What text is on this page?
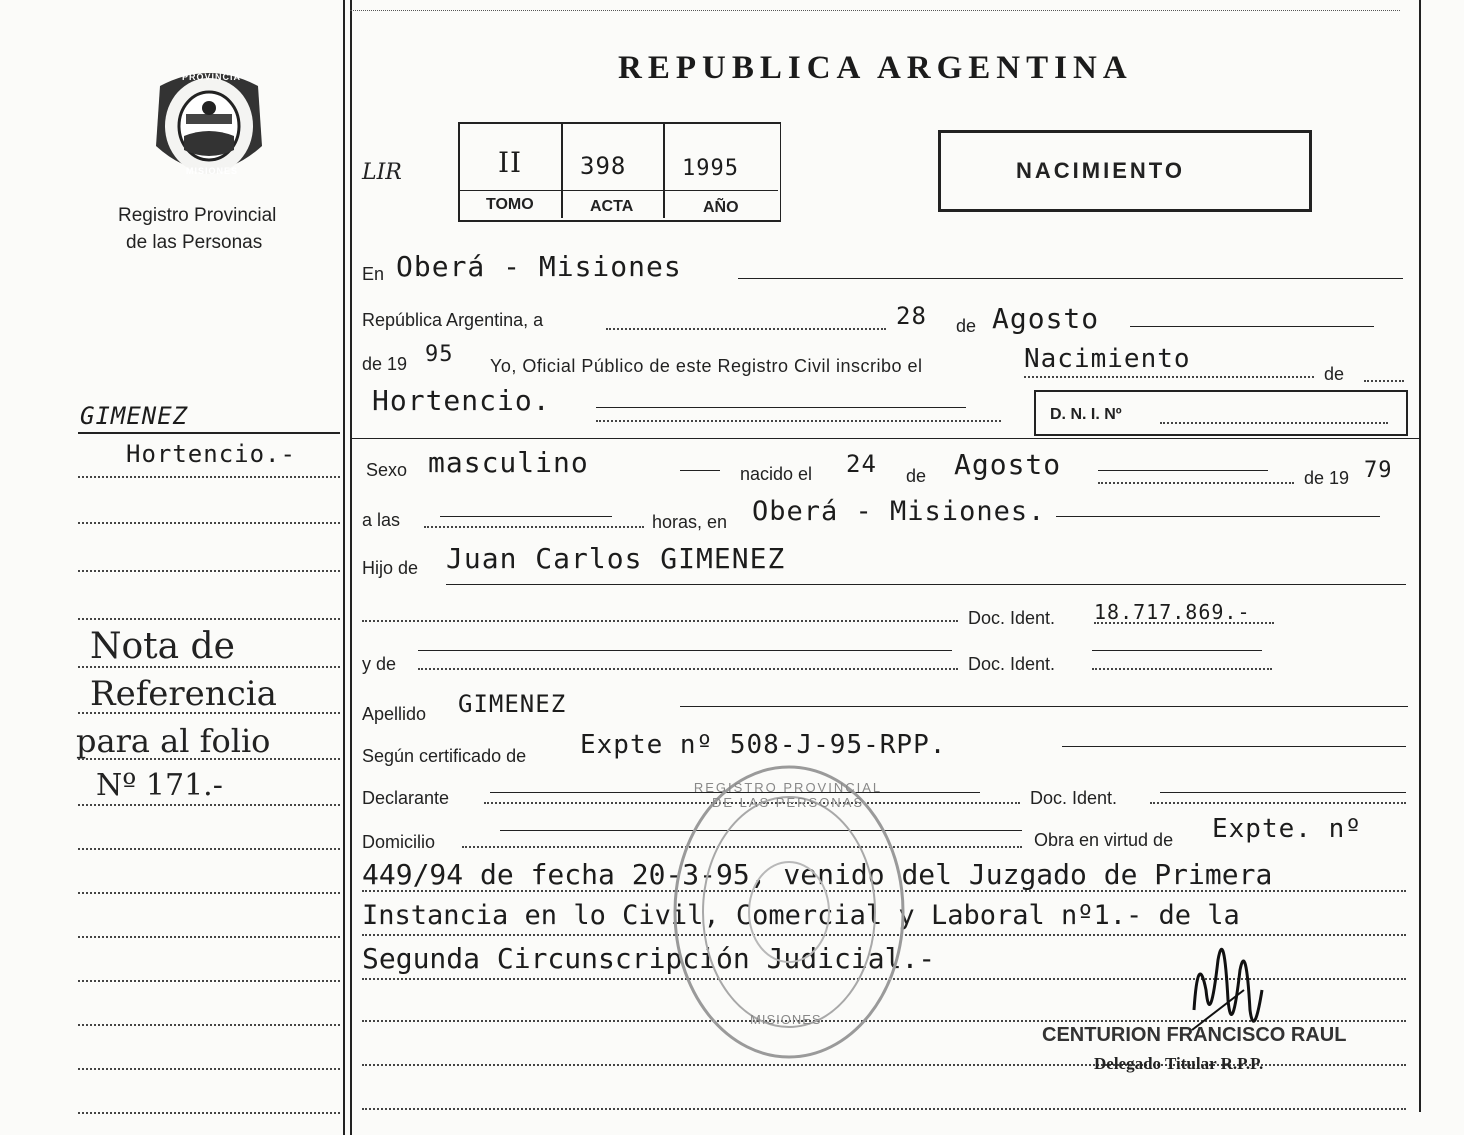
PROVINCIA
MISIONES
Registro Provincial
de las Personas
REPUBLICA ARGENTINA
LIR	II 398	1995
TOMO	ACTA	AÑO
NACIMIENTO
En Oberá - Misiones
República Argentina, a	28 de Agosto
de 19 95 Yo, Oficial Público de este Registro Civil inscribo el	Nacimiento	de
Hortencio.	D. N. I. Nº
Sexo masculino	nacido el 24 de Agosto	de 19 79
a las	horas, en Oberá - Misiones.
Hijo de Juan Carlos GIMENEZ
Doc. Ident. 18.717.869.-
y de	Doc. Ident.
Apellido GIMENEZ
Según certificado de Expte nº 508-J-95-RPP.
Declarante	Doc. Ident.
Domicilio	Obra en virtud de Expte. nº
449/94 de fecha 20-3-95, venido del Juzgado de Primera
Instancia en lo Civil, Comercial y Laboral nº1.- de la
Segunda Circunscripción Judicial.-
REGISTRO PROVINCIAL DE LAS PERSONAS
MISIONES
CENTURION FRANCISCO RAUL
Delegado Titular R.P.P.
GIMENEZ
Hortencio.-
Nota de
Referencia
para al folio
Nº 171.-
